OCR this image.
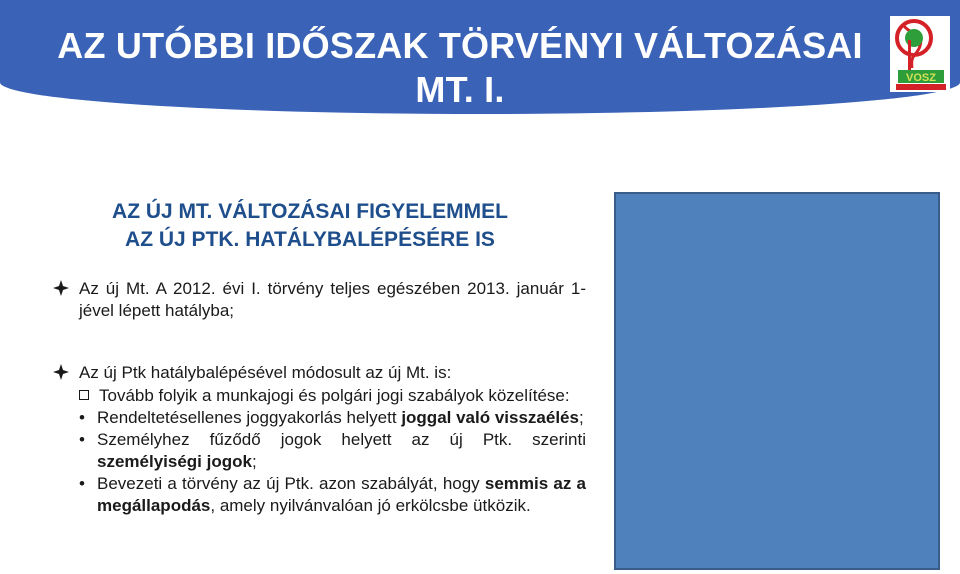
AZ UTÓBBI IDŐSZAK TÖRVÉNYI VÁLTOZÁSAI
MT. I.	VOSZ
AZ ÚJ MT. VÁLTOZÁSAI FIGYELEMMEL
AZ ÚJ PTK. HATÁLYBALÉPÉSÉRE IS
Az új Mt. A 2012. évi I. törvény teljes egészében 2013. január 1-jével lépett hatályba;
Az új Ptk hatálybalépésével módosult az új Mt. is:
Tovább folyik a munkajogi és polgári jogi szabályok közelítése:
• Rendeltetésellenes joggyakorlás helyett joggal való visszaélés;
• Személyhez fűződő jogok helyett az új Ptk. szerinti személyiségi jogok;
• Bevezeti a törvény az új Ptk. azon szabályát, hogy semmis az a megállapodás, amely nyilvánvalóan jó erkölcsbe ütközik.
